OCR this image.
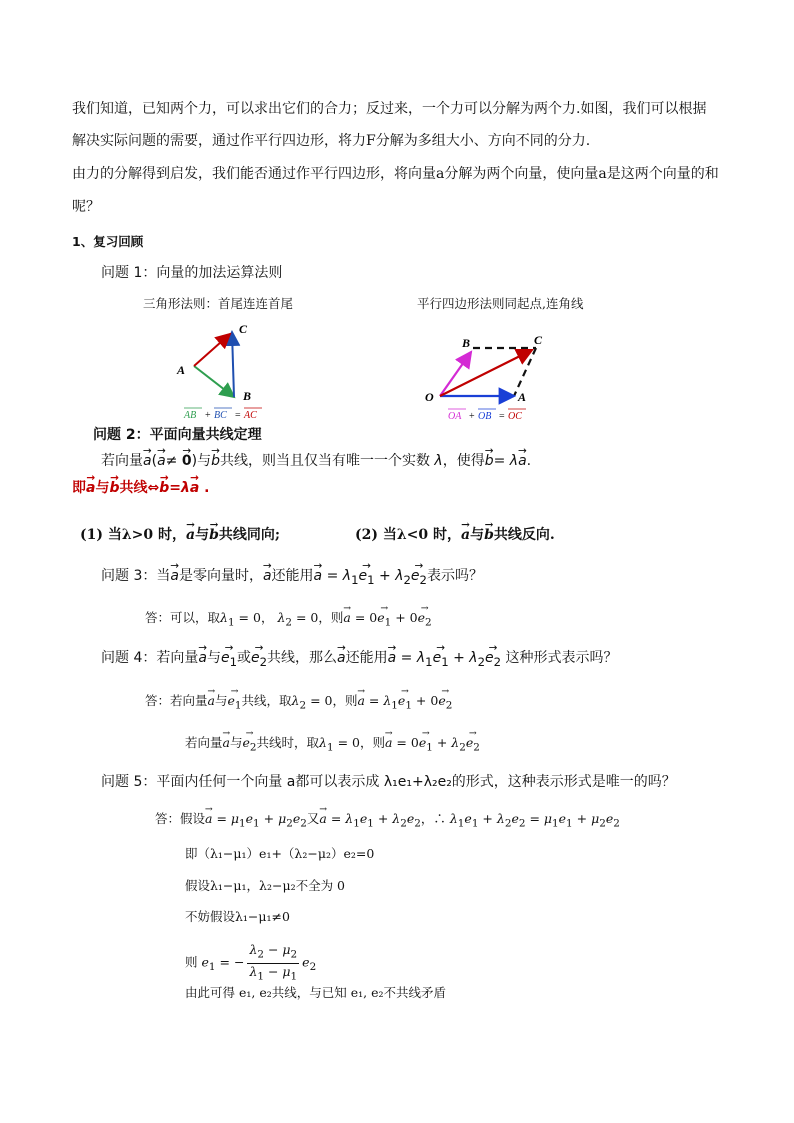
我们知道，已知两个力，可以求出它们的合力；反过来，一个力可以分解为两个力.如图，我们可以根据
解决实际问题的需要，通过作平行四边形，将力F分解为多组大小、方向不同的分力.
由力的分解得到启发，我们能否通过作平行四边形，将向量a分解为两个向量，使向量a是这两个向量的和
呢？
1、复习回顾
问题 1：向量的加法运算法则
三角形法则：首尾连连首尾	平行四边形法则同起点,连角线
A
C
B
AB + BC = AC
O	A
B	C
OA + OB = OC
问题 2：平面向量共线定理
若向量→ a(→ a≠ → 0)与→ b共线，则当且仅当有唯一一个实数 λ，使得→ b= λ→ a.
即→ a与→ b共线⇔→ b=λ→ a .
(1) 当λ>0 时，→ a与→ b共线同向;	(2) 当λ<0 时，→ a与→ b共线反向.
问题 3：当→ a是零向量时，→ a还能用→ $a = \lambda_1\to e_1 + \lambda_2\to e_2$表示吗？
答：可以，取$\lambda_1 = 0$， $\lambda_2 = 0$，则→ $a = 0\to e_1 + 0\to e_2$
问题 4：若向量→ a与→ $e_1$或→ $e_2$共线，那么→ a还能用→ $a = \lambda_1\to e_1 + \lambda_2\to e_2$ 这种形式表示吗？
答：若向量→ a与→ $e_1$共线，取$\lambda_2 = 0$，则→ $a = \lambda_1\to e_1 + 0\to e_2$
若向量→ a与→ $e_2$共线时，取$\lambda_1 = 0$，则→ $a = 0\to e_1 + \lambda_2\to e_2$
问题 5：平面内任何一个向量 a都可以表示成 λ₁e₁+λ₂e₂的形式，这种表示形式是唯一的吗？
答：假设→ $a = \mu_1e_1 + \mu_2e_2$又→ $a = \lambda_1e_1 + \lambda_2e_2$，∴ $\lambda_1e_1 + \lambda_2e_2 = \mu_1e_1 + \mu_2e_2$
即（λ₁−μ₁）e₁+（λ₂−μ₂）e₂=0
假设λ₁−μ₁，λ₂−μ₂不全为 0
不妨假设λ₁−μ₁≠0
则 $e_1$ = − $\frac{\lambda_2 - \mu_2}{\lambda_1 - \mu_1} e_2$
由此可得 e₁, e₂共线，与已知 e₁, e₂不共线矛盾
